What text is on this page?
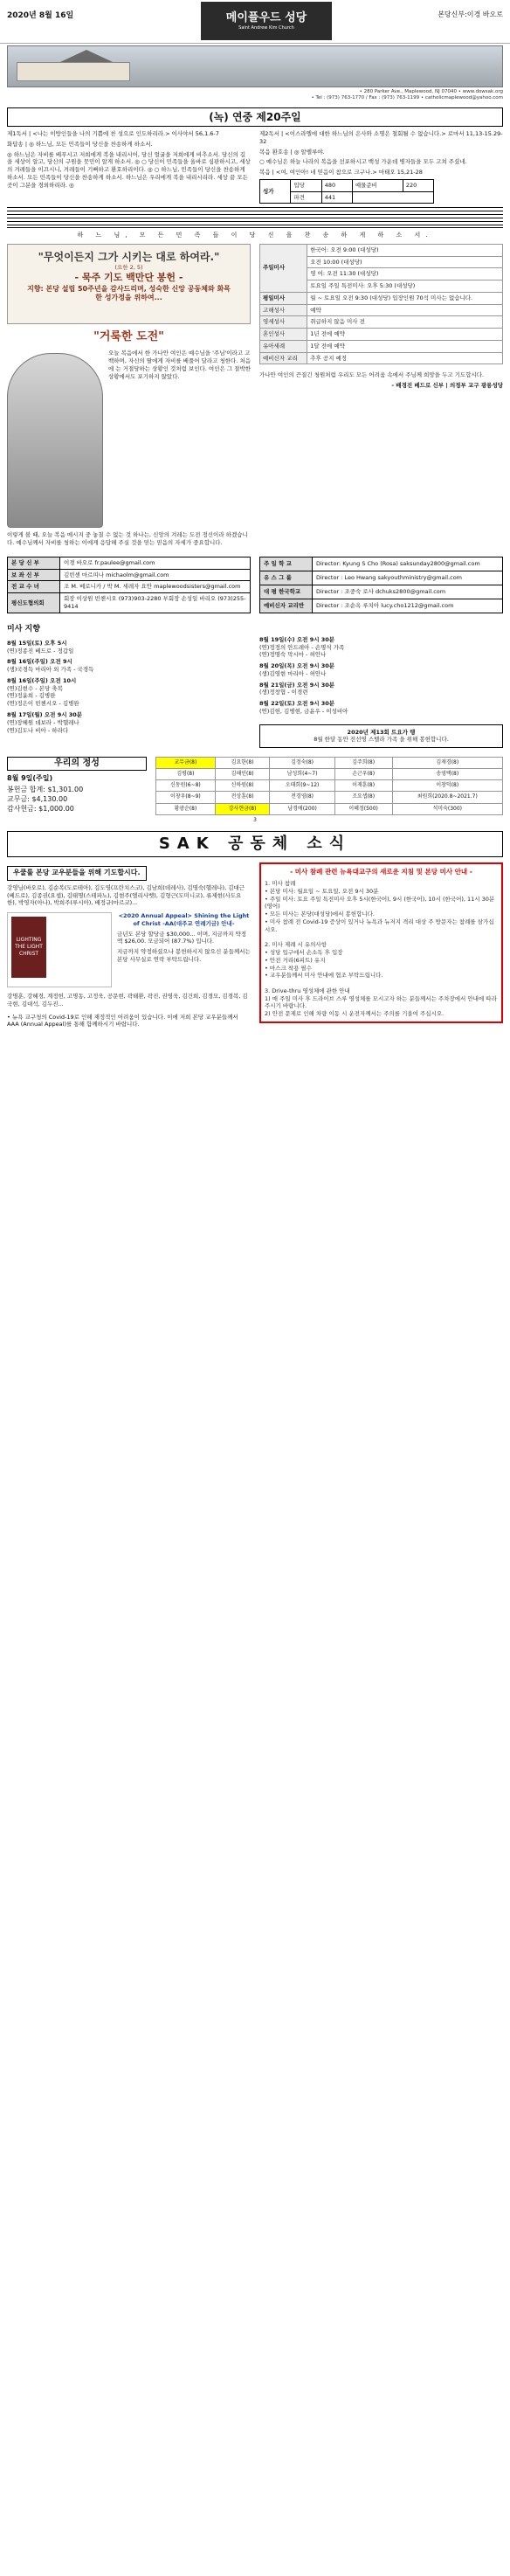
2020년 8월 16일	메이플우드 성당
Saint Andrew Kim Church
본당신부:이경 바오로
• 280 Parker Ave., Maplewood, NJ 07040 • www.dowsak.org
• Tel : (973) 763-1770 / Fax : (973) 763-1199 • catholicmaplewood@yahoo.com
(녹) 연중 제20주일

제1독서 | <나는 이방인들을 나의 기쁨에 찬 성으로 인도하리라.> 이사야서 56,1.6-7

화답송 | ◎ 하느님, 모든 민족들이 당신을 찬송하게 하소서.

◎ 하느님은 자비를 베푸시고 저희에게 복을 내리시어, 당신 얼굴을 저희에게 비추소서. 당신의 길을 세상이 알고, 당신의 구원을 뭇민이 알게 하소서. ◎ ○ 당신이 민족들을 올바로 심판하시고, 세상의 겨레들을 이끄시니, 겨레들이 기뻐하고 환호하리이다. ◎ ○ 하느님, 민족들이 당신을 찬송하게 하소서. 모든 민족들이 당신을 찬송하게 하소서. 하느님은 우리에게 복을 내리시리라. 세상 끝 모든 곳이 그분을 경외하리라. ◎

제2독서 | <이스라엘에 대한 하느님의 은사와 소명은 철회될 수 없습니다.> 로마서 11,13-15.29-32

복음 환호송 | ◎ 알렐루야.

○ 예수님은 하늘 나라의 복음을 선포하시고 백성 가운데 병자들을 모두 고쳐 주셨네.

복음 | <여, 여인아! 네 믿음이 참으로 크구나.> 마태오 15,21-28

성가	입당	480	예물준비	220
	파견	441		
하 느 님, 모 든 민 족 들 이 당 신 을 찬 송 하 게 하 소 서.
"무엇이든지 그가 시키는 대로 하여라."
(요한 2, 5)
- 묵주 기도 백만단 봉헌 -
지향: 본당 설립 50주년을 감사드리며, 성숙한 신앙 공동체와 화목한 성가정을 위하여...
"거룩한 도전"

오늘 복음에서 한 가나안 여인은 예수님을 '주님'이라고 고백하며, 자신의 딸에게 자비를 베풀어 달라고 청한다. 처음에 는 거절당하는 상황인 것처럼 보인다. 여인은 그 절박한 상황에서도 포기하지 않았다.

이렇게 볼 때, 오늘 복음 메시지 중 놓칠 수 없는 것 하나는, 신앙의 겨레는 도전 정신이라 하겠습니다. 예수님께서 자비를 청하는 이에게 응답해 주실 것을 믿는 믿음의 자세가 중요합니다.

주일미사	한국어: 오전 9:00 (대성당)
	오전 10:00 (대성당)
	영 어: 오전 11:30 (대성당)
	토요일 주일 특전미사: 오후 5:30 (대성당)
평일미사	월 ~ 토요일 오전 9:30 (대성당) 입장인원 70석 미사는 없습니다.
고해성사	예약
영세성사	취급하지 않음 미사 전
혼인성사	1년 전에 예약
유아세례	1달 전에 예약
예비신자 교리	추후 공지 예정

가나안 여인의 끈질긴 청원처럼 우리도 모든 어려움 속에서 주님께 희망을 두고 기도합시다.

- 배경진 베드로 신부 | 의정부 교구 광릉성당

본 당 신 부	이경 바오로 fr.paulee@gmail.com
보 좌 신 부	김빈센 마르띠나 michaolm@gmail.com
전 교 수 녀	조 M. 베로니카 / 박 M. 세레자 요안 maplewoodsisters@gmail.com
평신도협의회	회장 이상원 빈첸시오 (973)903-2280 부회장 손성일 바리오 (973)255-9414
주 일 학 교	Director: Kyung S Cho (Rosa) saksunday2800@gmail.com
유 스 그 룹	Director : Leo Hwang sakyouthministry@gmail.com
대 평 한국학교	Director : 조중숙 로사 dchuks2800@gmail.com
예비신자 교리반	Director : 조순옥 루치아 lucy.cho1212@gmail.com
미사 지향
8월 15일(토) 오후 5시
(연)정종진 베드로 - 정갑일
8월 16일(주일) 오전 9시
(생)국경득 마리아 외 가족 - 국경득
8월 16일(주일) 오전 10시
(연)김현수 - 본당 축복
(연)정윤희 - 김병완
(연)정은이 빈첸시오 - 김병완
8월 17일(월) 오전 9시 30분
(연)장혜원 데보라 - 박헬레나
(연)김도나 비아 - 하라다
8월 19일(수) 오전 9시 30분
(연)정정의 안드레아 - 손명식 가족
(연)정명숙 막시마 - 허안나
8월 20일(목) 오전 9시 30분
(생)김영현 마리아 - 허안나
8월 21일(금) 오전 9시 30분
(생)정창협 - 이경련
8월 22일(토) 오전 9시 30분
(연)김헌, 김병현, 금윤우 - 이성비아
2020년 제13회 트요가 탱
8월 한달 동안 전선영 스텔라 가족 을 위해 봉헌합니다.
우리의 정성
8월 9일(주일)
봉헌금 합계: $1,301.00
교무금: $4,130.00
감사헌금: $1,000.00
교무금(8)	김요한(8)	김정숙(8)	김주희(8)	김재경(8)
김평(8)	김해인(8)	남성희(4~7)	손근우(8)	송영택(8)
신동원(6~8)	신하원(8)	오태희(9~12)	이재훈(8)	이창덕(8)
이창우(8~9)	전상훈(8)	전경영(8)	조요셉(8)	최원희(2020.8~2021.7)
황광순(8)	강사현금(8)	남경애(200)	이혜정(500)	석미숙(300)
3
SAK 공동체 소식
우쿨룰 본당 교우분들을 위해 기도합시다.

강영님(바오로), 김순복(도로테아), 김도영(프란치스코), 김남희(데레사), 김명숙(헬레나), 김대근(베드로), 김종권(요셉), 김태명(스테파노), 김현주(엘리사벳), 김형근(도미니코), 류제현(사도요한), 박영자(아나), 박희주(루시아), 배정규(마르코)...

LIGHTING THE LIGHT CHRIST

<2020 Annual Appeal> Shining the Light of Christ -AA(대주교 연례기금) 안내-

금년도 본당 할당금 $30,000... 이며, 지금까지 약정액 $26,00. 모금되어 (87.7%) 입니다.

지금까지 약정하셨으나 봉헌하시지 않으신 분들께서는 본당 사무실로 연락 부탁드립니다.

강명훈, 강혜경, 계정헌, 고명동, 고정욱, 공문현, 곽태환, 곽진, 권영욱, 김건희, 김경모, 김경복, 김국현, 김대석, 김두진...

• 뉴욕 교구청의 Covid-19로 인해 재정적인 어려움이 있습니다. 이에 저희 본당 교우분들께서 AAA (Annual Appeal)를 통해 함께하시기 바랍니다.

- 미사 참례 관련 뉴욕대교구의 새로운 지침 및 본당 미사 안내 -
1. 미사 참례
• 본당 미사: 월요일 ~ 토요일, 오전 9시 30분
• 주일 미사: 토요 주일 특전미사 오후 5시(한국어), 9시 (한국어), 10시 (한국어), 11시 30분(영어)
• 모든 미사는 본당(대성당)에서 봉헌합니다.
• 미사 참례 전 Covid-19 증상이 있거나 뉴욕과 뉴저지 격리 대상 주 방문자는 참례를 삼가십시오.

2. 미사 제례 시 유의사항
• 성당 입구에서 손소독 후 입장
• 안전 거리(6피트) 유지
• 마스크 착용 필수
• 교우분들께서 미사 안내에 협조 부탁드립니다.

3. Drive-thru 영성체에 관한 안내
1) 매 주일 미사 후 드라이브 스루 영성체를 모시고자 하는 분들께서는 주차장에서 안내에 따라 주시기 바랍니다.
2) 안전 문제로 인해 차량 이동 시 운전자께서는 주의를 기울여 주십시오.
